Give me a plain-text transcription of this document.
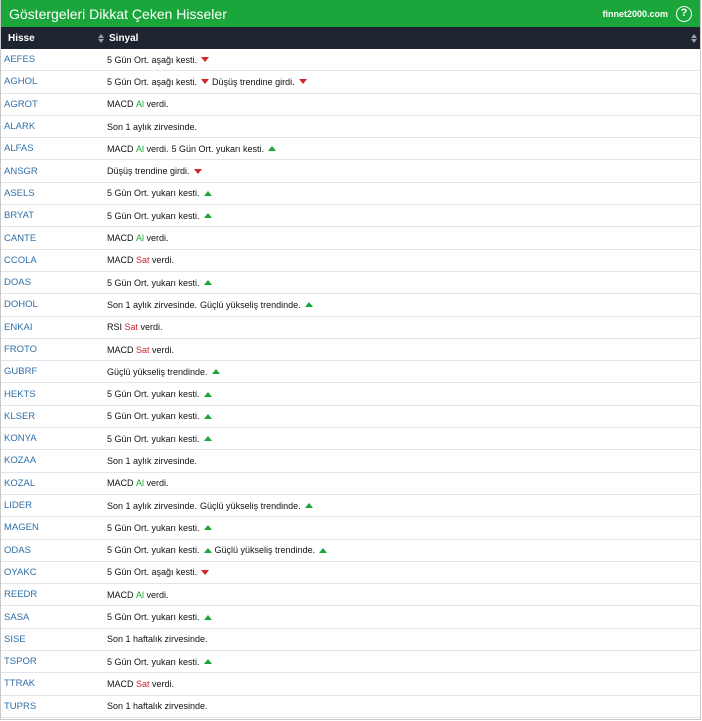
Göstergeleri Dikkat Çeken Hisseler	finnet2000.com	?
Hisse	Sinyal
AEFES	5 Gün Ort. aşağı kesti.
AGHOL	5 Gün Ort. aşağı kesti. Düşüş trendine girdi.
AGROT	MACD Al verdi.
ALARK	Son 1 aylık zirvesinde.
ALFAS	MACD Al verdi. 5 Gün Ort. yukarı kesti.
ANSGR	Düşüş trendine girdi.
ASELS	5 Gün Ort. yukarı kesti.
BRYAT	5 Gün Ort. yukarı kesti.
CANTE	MACD Al verdi.
CCOLA	MACD Sat verdi.
DOAS	5 Gün Ort. yukarı kesti.
DOHOL	Son 1 aylık zirvesinde. Güçlü yükseliş trendinde.
ENKAI	RSI Sat verdi.
FROTO	MACD Sat verdi.
GUBRF	Güçlü yükseliş trendinde.
HEKTS	5 Gün Ort. yukarı kesti.
KLSER	5 Gün Ort. yukarı kesti.
KONYA	5 Gün Ort. yukarı kesti.
KOZAA	Son 1 aylık zirvesinde.
KOZAL	MACD Al verdi.
LIDER	Son 1 aylık zirvesinde. Güçlü yükseliş trendinde.
MAGEN	5 Gün Ort. yukarı kesti.
ODAS	5 Gün Ort. yukarı kesti. Güçlü yükseliş trendinde.
OYAKC	5 Gün Ort. aşağı kesti.
REEDR	MACD Al verdi.
SASA	5 Gün Ort. yukarı kesti.
SISE	Son 1 haftalık zirvesinde.
TSPOR	5 Gün Ort. yukarı kesti.
TTRAK	MACD Sat verdi.
TUPRS	Son 1 haftalık zirvesinde.
